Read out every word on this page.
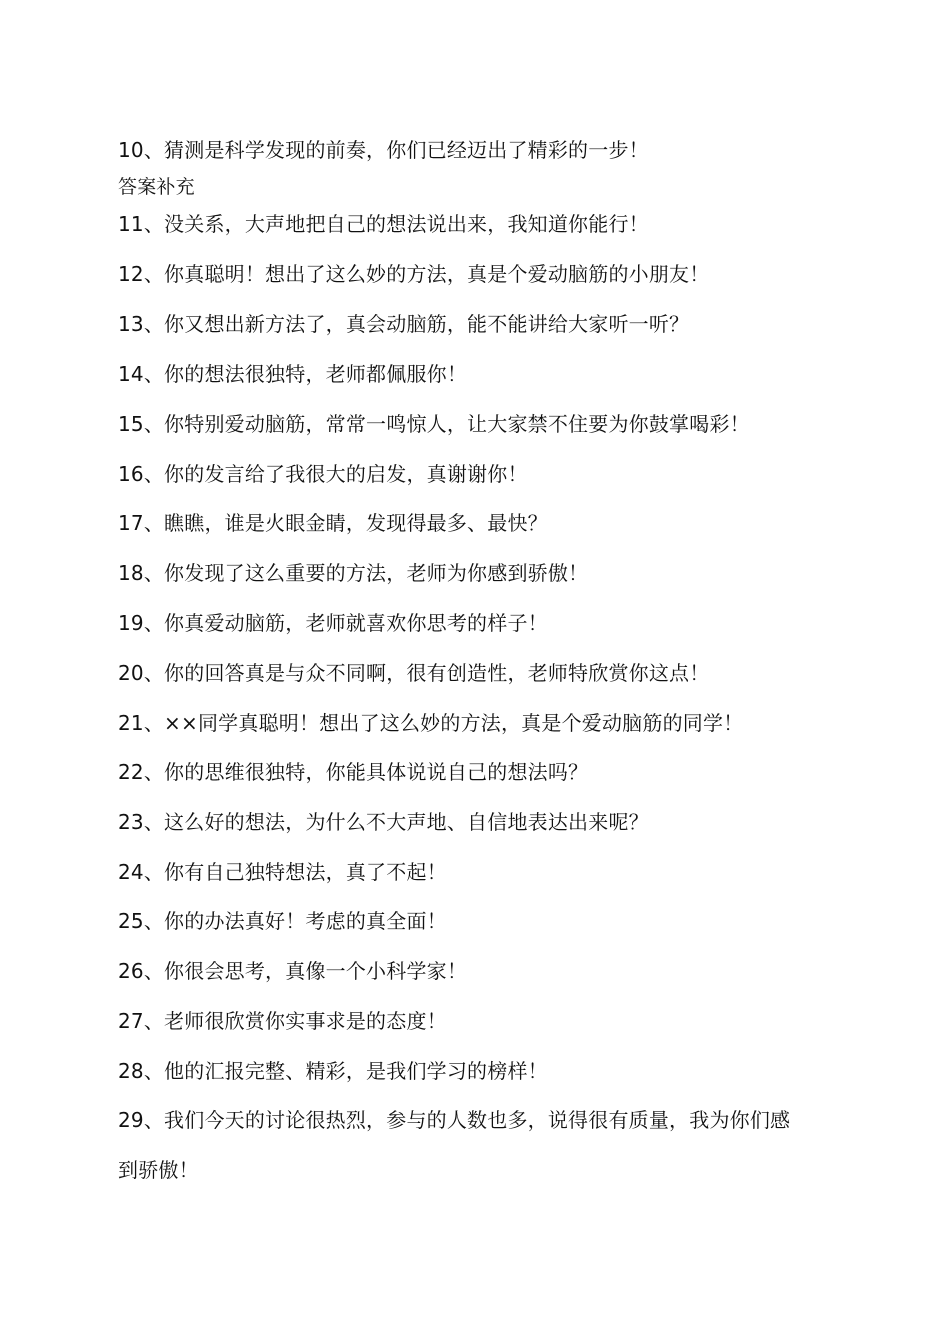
10、猜测是科学发现的前奏，你们已经迈出了精彩的一步！
答案补充
11、没关系，大声地把自己的想法说出来，我知道你能行！
12、你真聪明！想出了这么妙的方法，真是个爱动脑筋的小朋友！
13、你又想出新方法了，真会动脑筋，能不能讲给大家听一听？
14、你的想法很独特，老师都佩服你！
15、你特别爱动脑筋，常常一鸣惊人，让大家禁不住要为你鼓掌喝彩！
16、你的发言给了我很大的启发，真谢谢你！
17、瞧瞧，谁是火眼金睛，发现得最多、最快？
18、你发现了这么重要的方法，老师为你感到骄傲！
19、你真爱动脑筋，老师就喜欢你思考的样子！
20、你的回答真是与众不同啊，很有创造性，老师特欣赏你这点！
21、××同学真聪明！想出了这么妙的方法，真是个爱动脑筋的同学！
22、你的思维很独特，你能具体说说自己的想法吗？
23、这么好的想法，为什么不大声地、自信地表达出来呢？
24、你有自己独特想法，真了不起！
25、你的办法真好！考虑的真全面！
26、你很会思考，真像一个小科学家！
27、老师很欣赏你实事求是的态度！
28、他的汇报完整、精彩，是我们学习的榜样！
29、我们今天的讨论很热烈，参与的人数也多，说得很有质量，我为你们感
到骄傲！
